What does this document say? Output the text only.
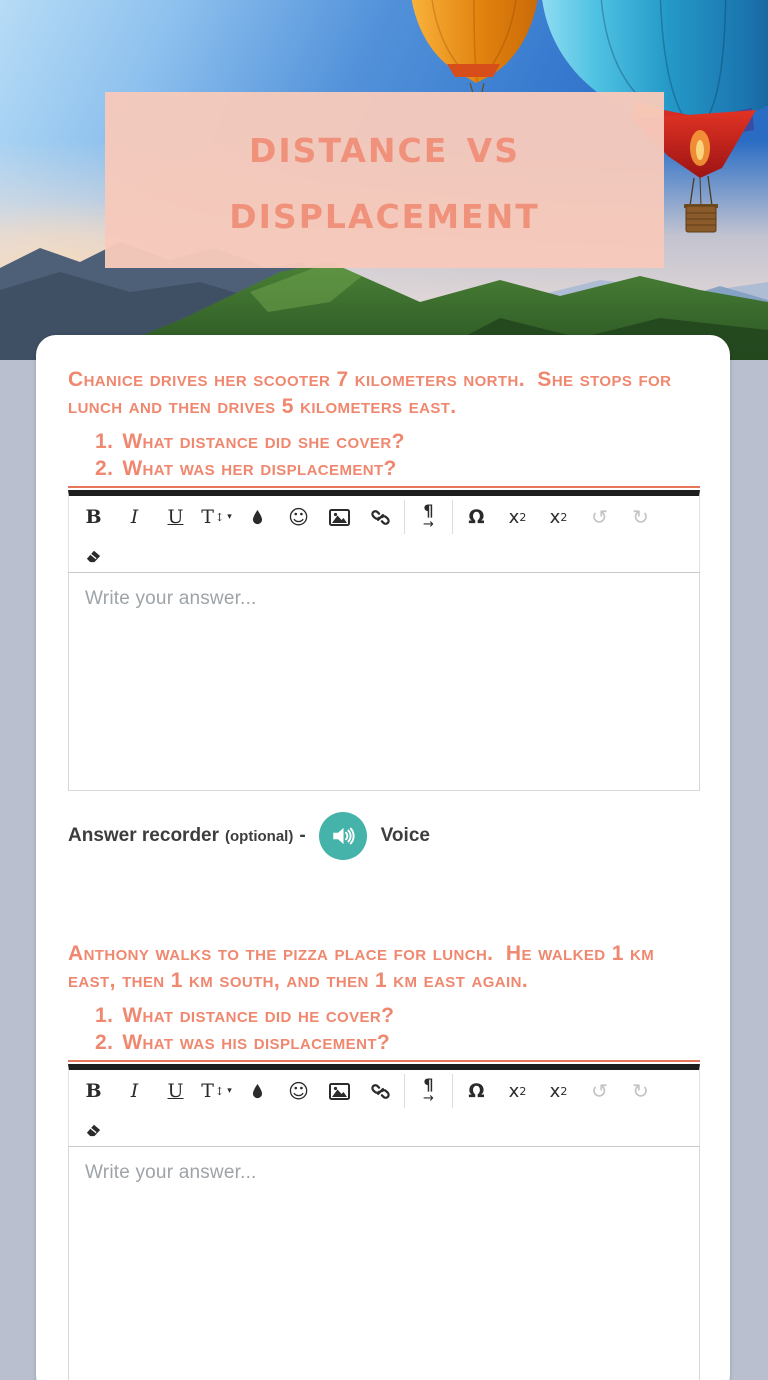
distance vs
displacement

Chanice drives her scooter 7 kilometers north.  She stops for lunch and then drives 5 kilometers east.

1. What distance did she cover?
2. What was her displacement?
B	I	U T ↕ ▾	☺	¶
→	Ω	x 2 x 2	↺	↻
Write your answer...
Answer recorder (optional) -	Voice

Anthony walks to the pizza place for lunch.  He walked 1 km east, then 1 km south, and then 1 km east again.

1. What distance did he cover?
2. What was his displacement?
B	I	U T ↕ ▾	☺	¶
→	Ω	x 2 x 2	↺	↻
Write your answer...
